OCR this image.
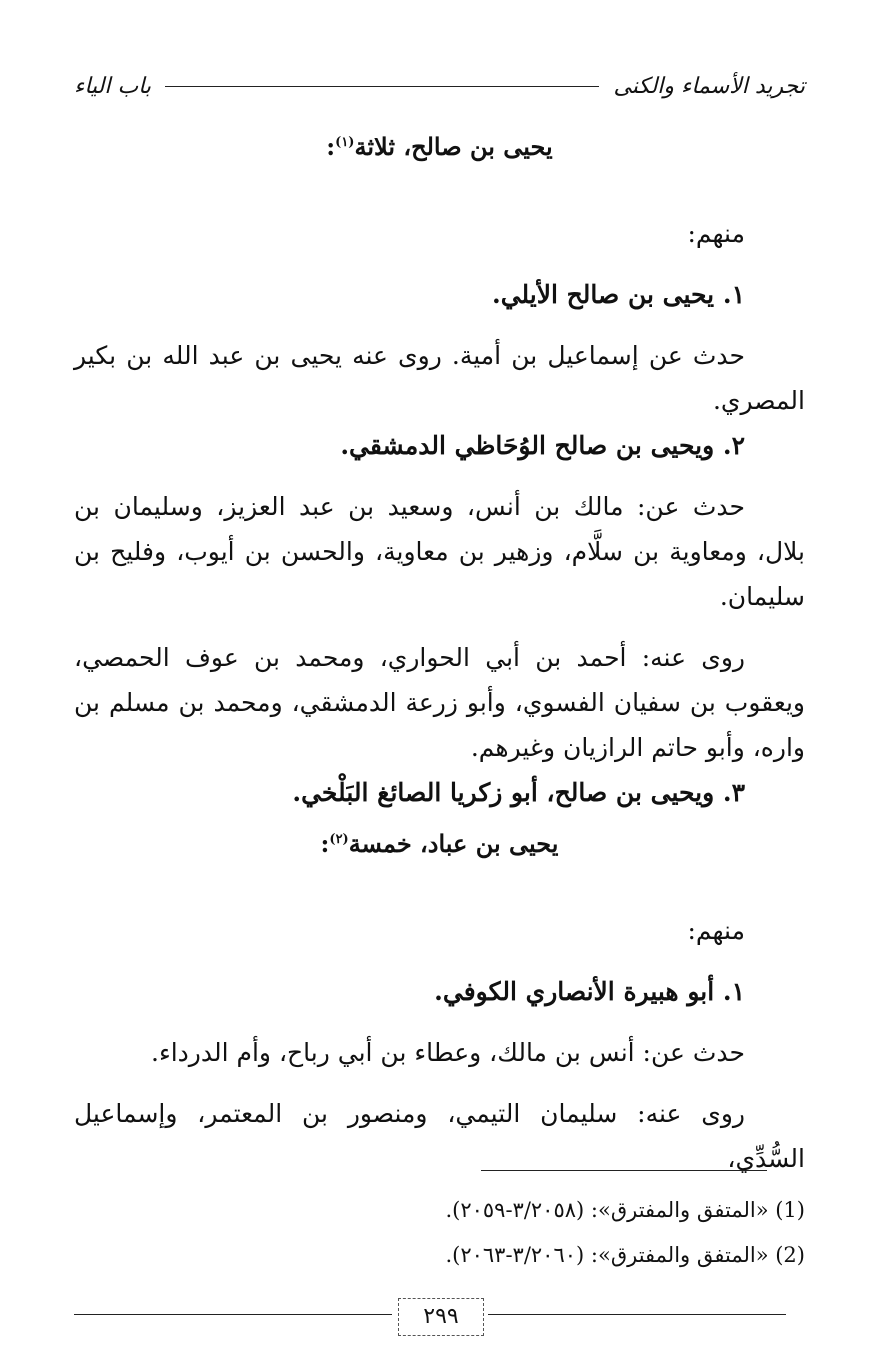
تجريد الأسماء والكنى
باب الياء
يحيى بن صالح، ثلاثة$^{(١)}$:
منهم:
١. يحيى بن صالح الأيلي.
حدث عن إسماعيل بن أمية. روى عنه يحيى بن عبد الله بن بكير المصري.
٢. ويحيى بن صالح الوُحَاظي الدمشقي.
حدث عن: مالك بن أنس، وسعيد بن عبد العزيز، وسليمان بن بلال، ومعاوية بن سلَّام، وزهير بن معاوية، والحسن بن أيوب، وفليح بن سليمان.
روى عنه: أحمد بن أبي الحواري، ومحمد بن عوف الحمصي، ويعقوب بن سفيان الفسوي، وأبو زرعة الدمشقي، ومحمد بن مسلم بن واره، وأبو حاتم الرازيان وغيرهم.
٣. ويحيى بن صالح، أبو زكريا الصائغ البَلْخي.
يحيى بن عباد، خمسة$^{(٢)}$:
منهم:
١. أبو هبيرة الأنصاري الكوفي.
حدث عن: أنس بن مالك، وعطاء بن أبي رباح، وأم الدرداء.
روى عنه: سليمان التيمي، ومنصور بن المعتمر، وإسماعيل السُّدِّي،
(1) «المتفق والمفترق»: (٣/٢٠٥٨-٢٠٥٩).
(2) «المتفق والمفترق»: (٣/٢٠٦٠-٢٠٦٣).
٢٩٩
